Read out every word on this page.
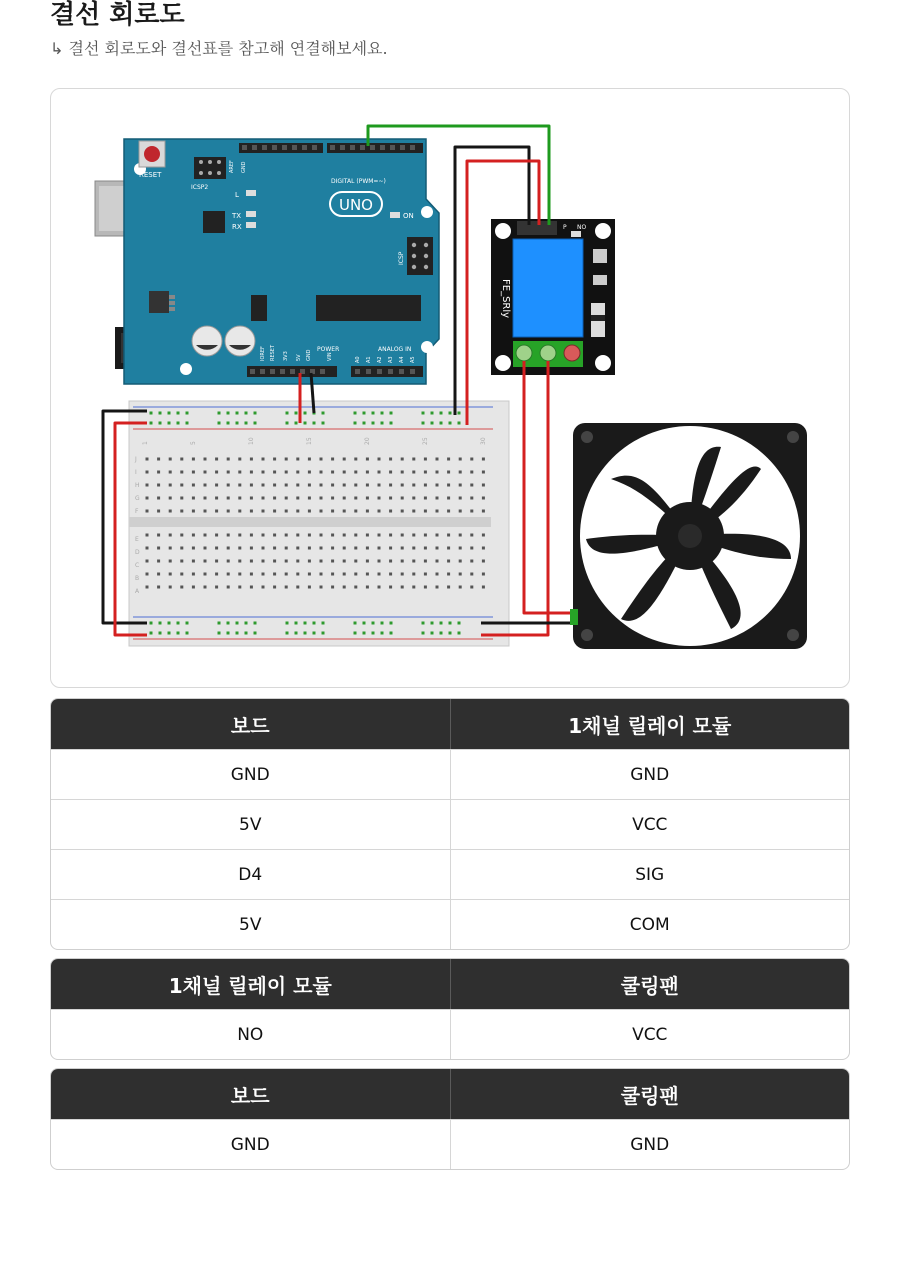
결선 회로도
↳ 결선 회로도와 결선표를 참고해 연결해보세요.
RESET
ICSP2
AREF GND
DIGITAL (PWM=~)
L
TX
RX
UNO
ON
ICSP
POWER	ANALOG IN
IOREF RESET 3V3 5V GND	VIN	A0 A1 A2 A3 A4 A5
P NO
FE_SRly
1	5	10	15	20	25	30
J
I
H
G
F
E
D
C
B
A
보드	1채널 릴레이 모듈
GND	GND
5V	VCC
D4	SIG
5V	COM
1채널 릴레이 모듈	쿨링팬
NO	VCC
보드	쿨링팬
GND	GND
